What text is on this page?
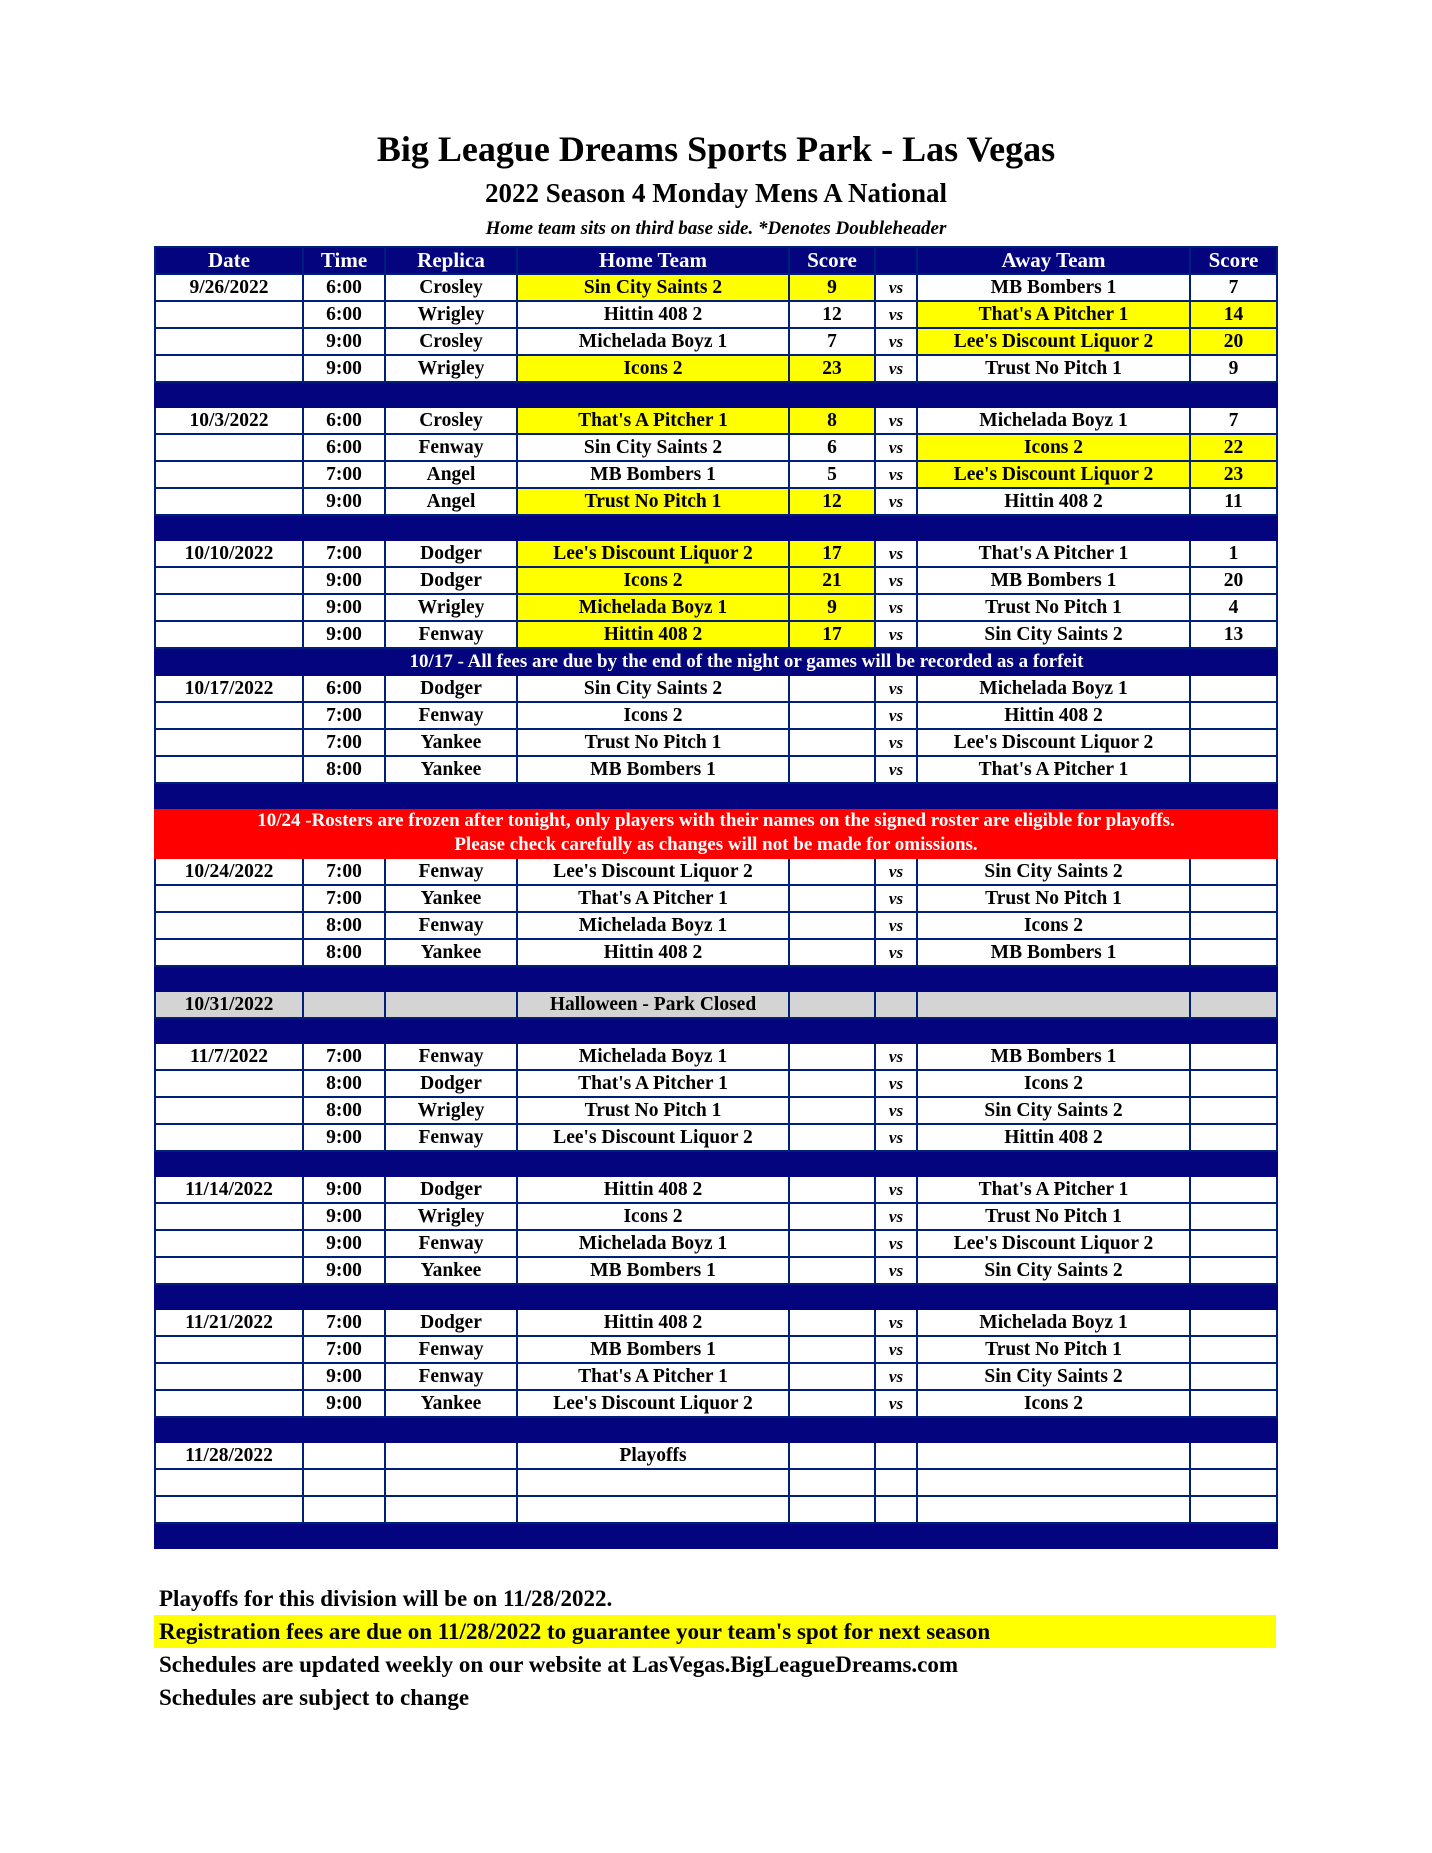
Big League Dreams Sports Park - Las Vegas
2022 Season 4 Monday Mens A National
Home team sits on third base side. *Denotes Doubleheader
Date	Time	Replica	Home Team	Score		Away Team	Score
9/26/2022	6:00	Crosley	Sin City Saints 2	9	vs	MB Bombers 1	7
	6:00	Wrigley	Hittin 408 2	12	vs	That's A Pitcher 1	14
	9:00	Crosley	Michelada Boyz 1	7	vs	Lee's Discount Liquor 2	20
	9:00	Wrigley	Icons 2	23	vs	Trust No Pitch 1	9

10/3/2022	6:00	Crosley	That's A Pitcher 1	8	vs	Michelada Boyz 1	7
	6:00	Fenway	Sin City Saints 2	6	vs	Icons 2	22
	7:00	Angel	MB Bombers 1	5	vs	Lee's Discount Liquor 2	23
	9:00	Angel	Trust No Pitch 1	12	vs	Hittin 408 2	11

10/10/2022	7:00	Dodger	Lee's Discount Liquor 2	17	vs	That's A Pitcher 1	1
	9:00	Dodger	Icons 2	21	vs	MB Bombers 1	20
	9:00	Wrigley	Michelada Boyz 1	9	vs	Trust No Pitch 1	4
	9:00	Fenway	Hittin 408 2	17	vs	Sin City Saints 2	13
	10/17 - All fees are due by the end of the night or games will be recorded as a forfeit						
10/17/2022	6:00	Dodger	Sin City Saints 2		vs	Michelada Boyz 1	
	7:00	Fenway	Icons 2		vs	Hittin 408 2	
	7:00	Yankee	Trust No Pitch 1		vs	Lee's Discount Liquor 2	
	8:00	Yankee	MB Bombers 1		vs	That's A Pitcher 1	

10/24 -Rosters are frozen after tonight, only players with their names on the signed roster are eligible for playoffs.
Please check carefully as changes will not be made for omissions.							

10/24/2022	7:00	Fenway	Lee's Discount Liquor 2		vs	Sin City Saints 2	
	7:00	Yankee	That's A Pitcher 1		vs	Trust No Pitch 1	
	8:00	Fenway	Michelada Boyz 1		vs	Icons 2	
	8:00	Yankee	Hittin 408 2		vs	MB Bombers 1	

10/31/2022			Halloween - Park Closed				

11/7/2022	7:00	Fenway	Michelada Boyz 1		vs	MB Bombers 1	
	8:00	Dodger	That's A Pitcher 1		vs	Icons 2	
	8:00	Wrigley	Trust No Pitch 1		vs	Sin City Saints 2	
	9:00	Fenway	Lee's Discount Liquor 2		vs	Hittin 408 2	

11/14/2022	9:00	Dodger	Hittin 408 2		vs	That's A Pitcher 1	
	9:00	Wrigley	Icons 2		vs	Trust No Pitch 1	
	9:00	Fenway	Michelada Boyz 1		vs	Lee's Discount Liquor 2	
	9:00	Yankee	MB Bombers 1		vs	Sin City Saints 2	

11/21/2022	7:00	Dodger	Hittin 408 2		vs	Michelada Boyz 1	
	7:00	Fenway	MB Bombers 1		vs	Trust No Pitch 1	
	9:00	Fenway	That's A Pitcher 1		vs	Sin City Saints 2	
	9:00	Yankee	Lee's Discount Liquor 2		vs	Icons 2	

11/28/2022			Playoffs				

Playoffs for this division will be on 11/28/2022.
Registration fees are due on 11/28/2022 to guarantee your team's spot for next season
Schedules are updated weekly on our website at LasVegas.BigLeagueDreams.com
Schedules are subject to change
